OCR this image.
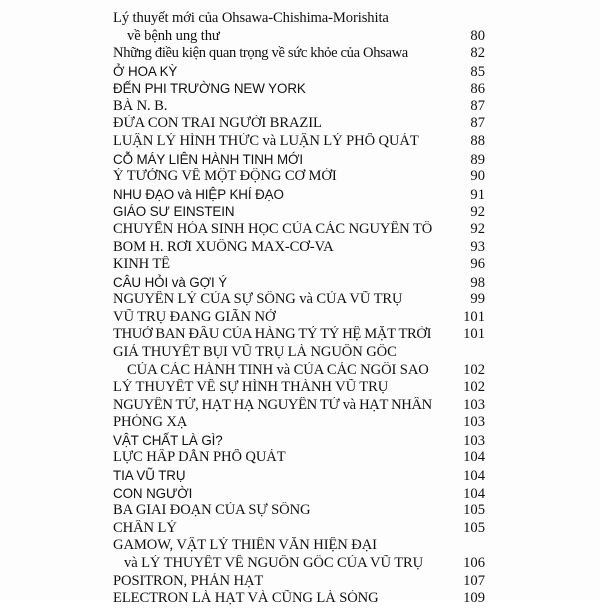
Lý thuyết mới của Ohsawa-Chishima-Morishita
về bệnh ung thư	80
Những điều kiện quan trọng về sức khỏe của Ohsawa	82
Ở HOA KỲ	85
ĐẾN PHI TRƯỜNG NEW YORK	86
BÀ N. B.	87
ĐỨA CON TRAI NGƯỜI BRAZIL	87
LUẬN LÝ HÌNH THỨC và LUẬN LÝ PHỔ QUÁT	88
CỖ MÁY LIÊN HÀNH TINH MỚI	89
Ý TƯỞNG VỀ MỘT ĐỘNG CƠ MỚI	90
NHU ĐẠO và HIỆP KHÍ ĐẠO	91
GIÁO SƯ EINSTEIN	92
CHUYỂN HÓA SINH HỌC CỦA CÁC NGUYÊN TỐ	92
BOM H. RƠI XUỐNG MAX-CƠ-VA	93
KINH TẾ	96
CÂU HỎI và GỢI Ý	98
NGUYÊN LÝ CỦA SỰ SỐNG và CỦA VŨ TRỤ	99
VŨ TRỤ ĐANG GIÃN NỞ	101
THUỞ BAN ĐẦU CỦA HÀNG TỶ TỶ HỆ MẶT TRỜI	101
GIẢ THUYẾT BỤI VŨ TRỤ LÀ NGUỒN GỐC
CỦA CÁC HÀNH TINH và CỦA CÁC NGÔI SAO	102
LÝ THUYẾT VỀ SỰ HÌNH THÀNH VŨ TRỤ	102
NGUYÊN TỬ, HẠT HẠ NGUYÊN TỬ và HẠT NHÂN	103
PHÓNG XẠ	103
VẬT CHẤT LÀ GÌ?	103
LỰC HẤP DẪN PHỔ QUÁT	104
TIA VŨ TRỤ	104
CON NGƯỜI	104
BA GIAI ĐOẠN CỦA SỰ SỐNG	105
CHÂN LÝ	105
GAMOW, VẬT LÝ THIÊN VĂN HIỆN ĐẠI
và LÝ THUYẾT VỀ NGUỒN GỐC CỦA VŨ TRỤ	106
POSITRON, PHẢN HẠT	107
ELECTRON LÀ HẠT VÀ CŨNG LÀ SÓNG	109
